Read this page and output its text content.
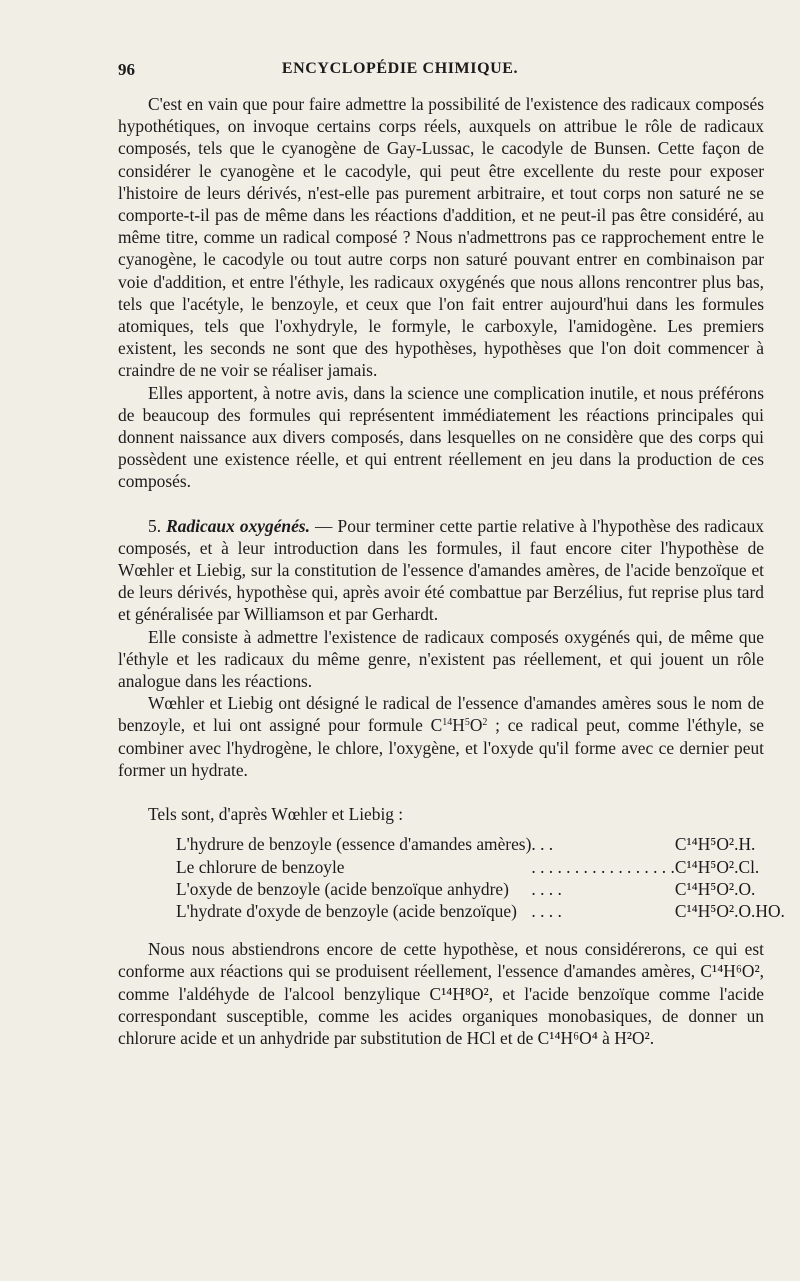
96	ENCYCLOPÉDIE CHIMIQUE.

C'est en vain que pour faire admettre la possibilité de l'existence des radicaux composés hypothétiques, on invoque certains corps réels, auxquels on attribue le rôle de radicaux composés, tels que le cyanogène de Gay-Lussac, le cacodyle de Bunsen. Cette façon de considérer le cyanogène et le cacodyle, qui peut être excellente du reste pour exposer l'histoire de leurs dérivés, n'est-elle pas purement arbitraire, et tout corps non saturé ne se comporte-t-il pas de même dans les réactions d'addition, et ne peut-il pas être considéré, au même titre, comme un radical composé ? Nous n'admettrons pas ce rapprochement entre le cyanogène, le cacodyle ou tout autre corps non saturé pouvant entrer en combinaison par voie d'addition, et entre l'éthyle, les radicaux oxygénés que nous allons rencontrer plus bas, tels que l'acétyle, le benzoyle, et ceux que l'on fait entrer aujourd'hui dans les formules atomiques, tels que l'oxhydryle, le formyle, le carboxyle, l'amidogène. Les premiers existent, les seconds ne sont que des hypothèses, hypothèses que l'on doit commencer à craindre de ne voir se réaliser jamais.

Elles apportent, à notre avis, dans la science une complication inutile, et nous préférons de beaucoup des formules qui représentent immédiatement les réactions principales qui donnent naissance aux divers composés, dans lesquelles on ne considère que des corps qui possèdent une existence réelle, et qui entrent réellement en jeu dans la production de ces composés.

5. Radicaux oxygénés. — Pour terminer cette partie relative à l'hypothèse des radicaux composés, et à leur introduction dans les formules, il faut encore citer l'hypothèse de Wœhler et Liebig, sur la constitution de l'essence d'amandes amères, de l'acide benzoïque et de leurs dérivés, hypothèse qui, après avoir été combattue par Berzélius, fut reprise plus tard et généralisée par Williamson et par Gerhardt.

Elle consiste à admettre l'existence de radicaux composés oxygénés qui, de même que l'éthyle et les radicaux du même genre, n'existent pas réellement, et qui jouent un rôle analogue dans les réactions.

Wœhler et Liebig ont désigné le radical de l'essence d'amandes amères sous le nom de benzoyle, et lui ont assigné pour formule $C^{14}H^5O^2$ ; ce radical peut, comme l'éthyle, se combiner avec l'hydrogène, le chlore, l'oxygène, et l'oxyde qu'il forme avec ce dernier peut former un hydrate.

Tels sont, d'après Wœhler et Liebig :

L'hydrure de benzoyle (essence d'amandes amères)	. . .	C¹⁴H⁵O².H.
Le chlorure de benzoyle	. . . . . . . . . . . . . . . . .	C¹⁴H⁵O².Cl.
L'oxyde de benzoyle (acide benzoïque anhydre)	. . . .	C¹⁴H⁵O².O.
L'hydrate d'oxyde de benzoyle (acide benzoïque)	. . . .	C¹⁴H⁵O².O.HO.

Nous nous abstiendrons encore de cette hypothèse, et nous considérerons, ce qui est conforme aux réactions qui se produisent réellement, l'essence d'amandes amères, C¹⁴H⁶O², comme l'aldéhyde de l'alcool benzylique C¹⁴H⁸O², et l'acide benzoïque comme l'acide correspondant susceptible, comme les acides organiques monobasiques, de donner un chlorure acide et un anhydride par substitution de HCl et de C¹⁴H⁶O⁴ à H²O².
